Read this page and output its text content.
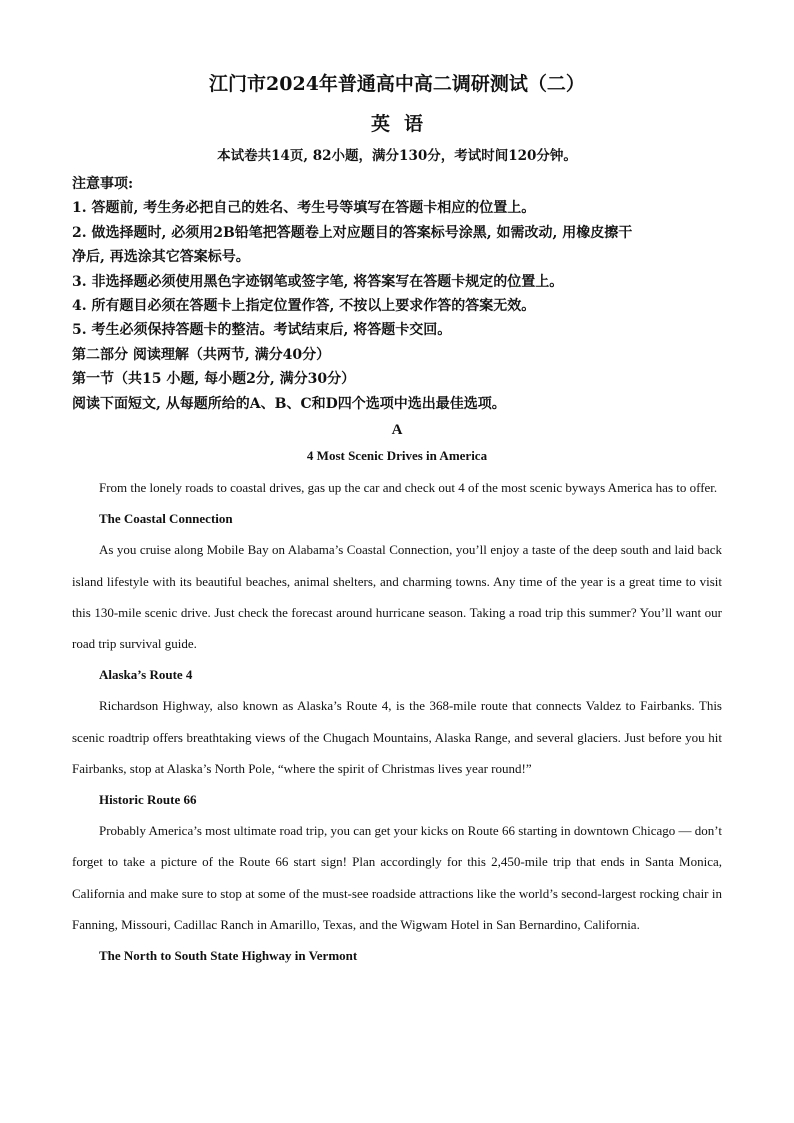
江门市2024年普通高中高二调研测试（二）
英语
本试卷共14页, 82小题，满分130分，考试时间120分钟。

注意事项:

1. 答题前, 考生务必把自己的姓名、考生号等填写在答题卡相应的位置上。

2. 做选择题时, 必须用2B铅笔把答题卷上对应题目的答案标号涂黑, 如需改动, 用橡皮擦干

净后, 再选涂其它答案标号。

3. 非选择题必须使用黑色字迹钢笔或签字笔, 将答案写在答题卡规定的位置上。

4. 所有题目必须在答题卡上指定位置作答, 不按以上要求作答的答案无效。

5. 考生必须保持答题卡的整洁。考试结束后, 将答题卡交回。

第二部分 阅读理解（共两节, 满分40分）

第一节（共15 小题, 每小题2分, 满分30分）

阅读下面短文, 从每题所给的A、B、C和D四个选项中选出最佳选项。

A
4 Most Scenic Drives in America

From the lonely roads to coastal drives, gas up the car and check out 4 of the most scenic byways America has to offer.

The Coastal Connection

As you cruise along Mobile Bay on Alabama’s Coastal Connection, you’ll enjoy a taste of the deep south and laid back island lifestyle with its beautiful beaches, animal shelters, and charming towns. Any time of the year is a great time to visit this 130-mile scenic drive. Just check the forecast around hurricane season. Taking a road trip this summer? You’ll want our road trip survival guide.

Alaska’s Route 4

Richardson Highway, also known as Alaska’s Route 4, is the 368-mile route that connects Valdez to Fairbanks. This scenic roadtrip offers breathtaking views of the Chugach Mountains, Alaska Range, and several glaciers. Just before you hit Fairbanks, stop at Alaska’s North Pole, “where the spirit of Christmas lives year round!”

Historic Route 66

Probably America’s most ultimate road trip, you can get your kicks on Route 66 starting in downtown Chicago — don’t forget to take a picture of the Route 66 start sign! Plan accordingly for this 2,450-mile trip that ends in Santa Monica, California and make sure to stop at some of the must-see roadside attractions like the world’s second-largest rocking chair in Fanning, Missouri, Cadillac Ranch in Amarillo, Texas, and the Wigwam Hotel in San Bernardino, California.

The North to South State Highway in Vermont
